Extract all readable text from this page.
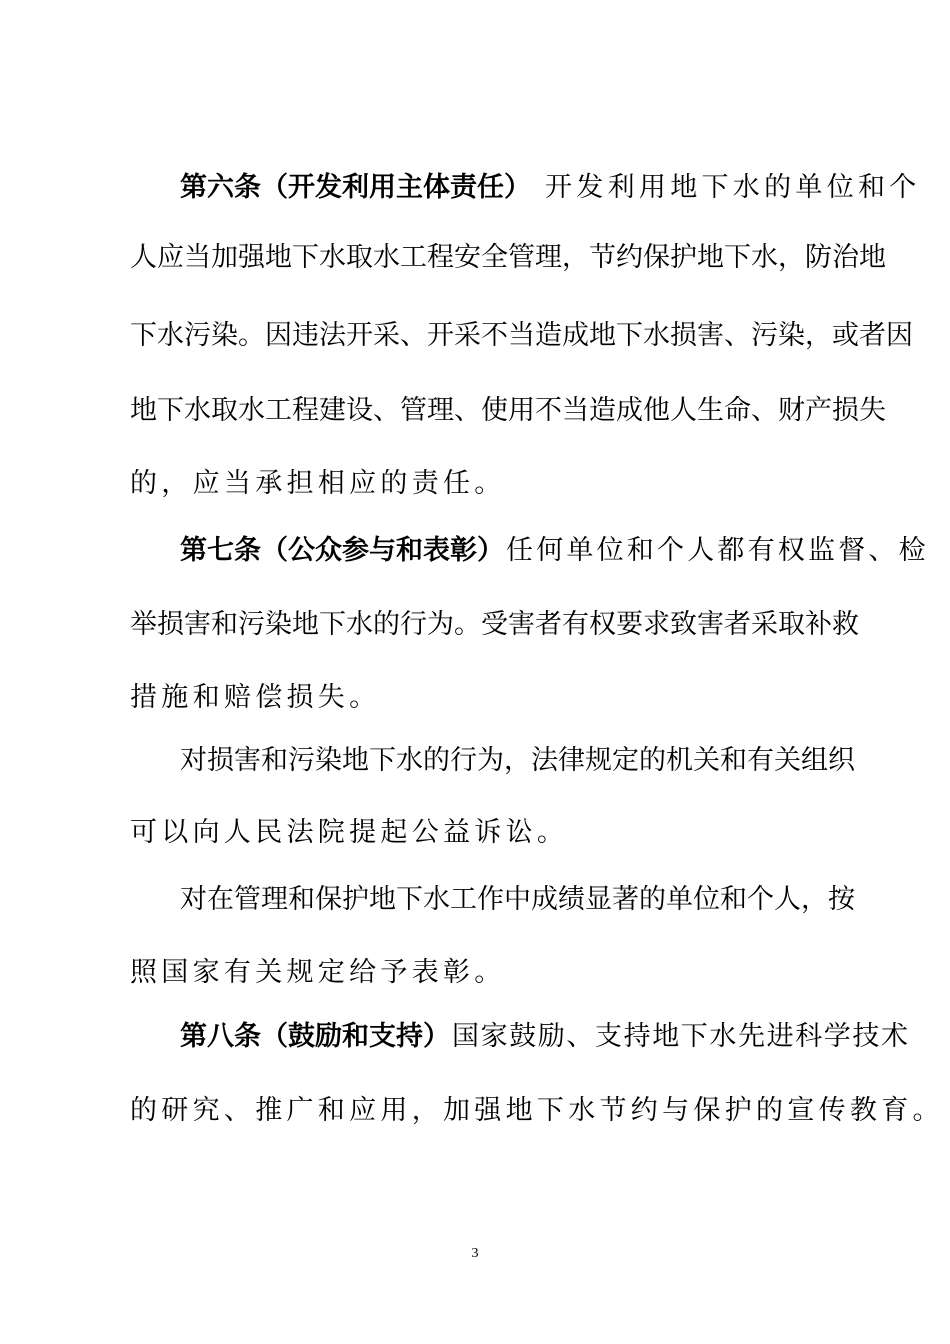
第六条（开发利用主体责任） 开发利用地下水的单位和个
人应当加强地下水取水工程安全管理，节约保护地下水，防治地
下水污染。因违法开采、开采不当造成地下水损害、污染，或者因
地下水取水工程建设、管理、使用不当造成他人生命、财产损失
的，应当承担相应的责任。
第七条（公众参与和表彰）任何单位和个人都有权监督、检
举损害和污染地下水的行为。受害者有权要求致害者采取补救
措施和赔偿损失。
对损害和污染地下水的行为，法律规定的机关和有关组织
可以向人民法院提起公益诉讼。
对在管理和保护地下水工作中成绩显著的单位和个人，按
照国家有关规定给予表彰。
第八条（鼓励和支持）国家鼓励、支持地下水先进科学技术
的研究、推广和应用，加强地下水节约与保护的宣传教育。
3
